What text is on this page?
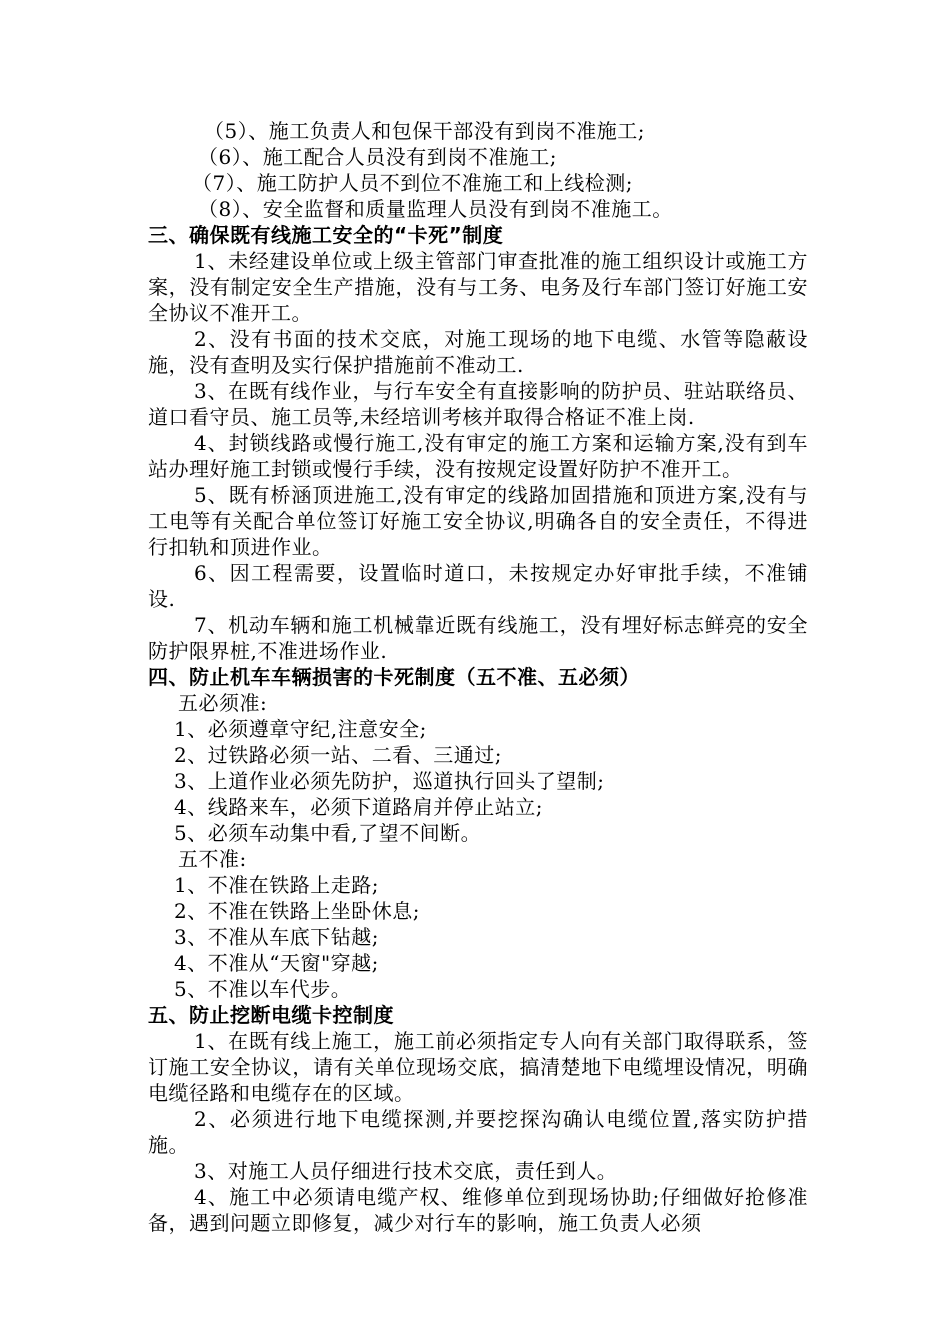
（5）、施工负责人和包保干部没有到岗不准施工;
（6）、施工配合人员没有到岗不准施工;
（7）、施工防护人员不到位不准施工和上线检测;
（8）、安全监督和质量监理人员没有到岗不准施工。
三、确保既有线施工安全的“卡死”制度
1、未经建设单位或上级主管部门审查批准的施工组织设计或施工方案，没有制定安全生产措施，没有与工务、电务及行车部门签订好施工安全协议不准开工。
2、没有书面的技术交底，对施工现场的地下电缆、水管等隐蔽设施，没有查明及实行保护措施前不准动工.
3、在既有线作业，与行车安全有直接影响的防护员、驻站联络员、道口看守员、施工员等,未经培训考核并取得合格证不准上岗.
4、封锁线路或慢行施工,没有审定的施工方案和运输方案,没有到车站办理好施工封锁或慢行手续，没有按规定设置好防护不准开工。
5、既有桥涵顶进施工,没有审定的线路加固措施和顶进方案,没有与工电等有关配合单位签订好施工安全协议,明确各自的安全责任，不得进行扣轨和顶进作业。
6、因工程需要，设置临时道口，未按规定办好审批手续，不准铺设.
7、机动车辆和施工机械靠近既有线施工，没有埋好标志鲜亮的安全防护限界桩,不准进场作业.
四、防止机车车辆损害的卡死制度（五不准、五必须）
五必须准:
1、必须遵章守纪,注意安全;
2、过铁路必须一站、二看、三通过;
3、上道作业必须先防护，巡道执行回头了望制;
4、线路来车，必须下道路肩并停止站立;
5、必须车动集中看,了望不间断。
五不准:
1、不准在铁路上走路;
2、不准在铁路上坐卧休息;
3、不准从车底下钻越;
4、不准从“天窗"穿越;
5、不准以车代步。
五、防止挖断电缆卡控制度
1、在既有线上施工，施工前必须指定专人向有关部门取得联系，签订施工安全协议，请有关单位现场交底，搞清楚地下电缆埋设情况，明确电缆径路和电缆存在的区域。
2、必须进行地下电缆探测,并要挖探沟确认电缆位置,落实防护措施。
3、对施工人员仔细进行技术交底，责任到人。
4、施工中必须请电缆产权、维修单位到现场协助;仔细做好抢修准备，遇到问题立即修复，减少对行车的影响，施工负责人必须
